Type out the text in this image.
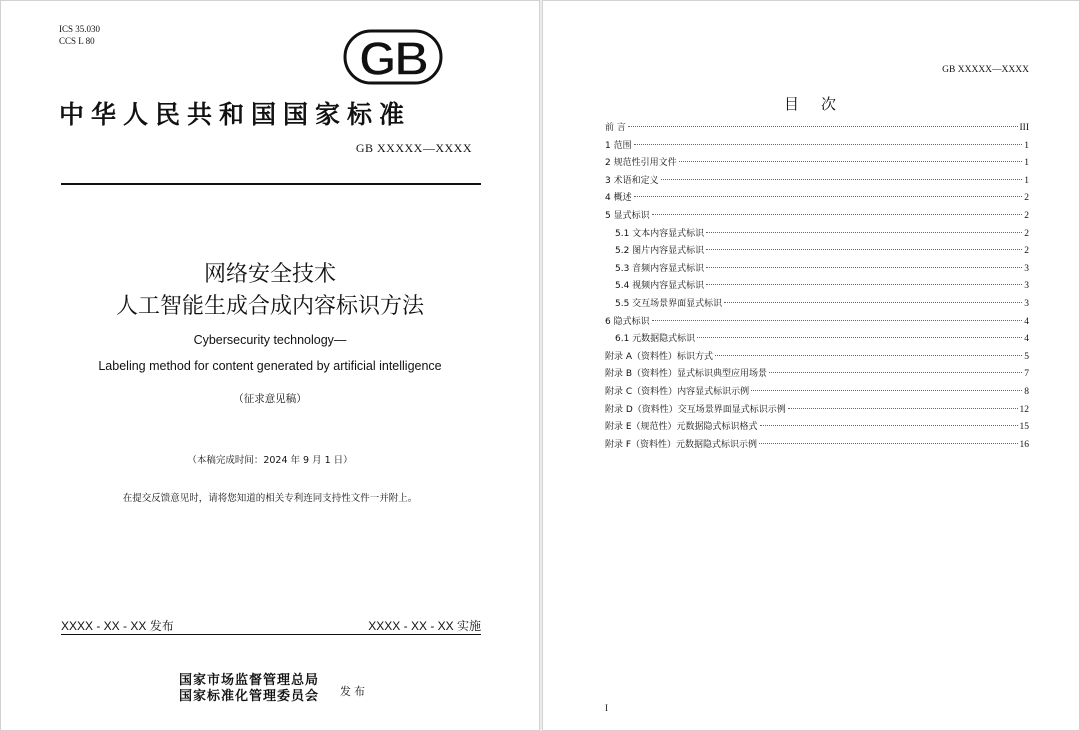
ICS 35.030
CCS L 80	GB
中华人民共和国国家标准
GB XXXXX—XXXX
网络安全技术
人工智能生成合成内容标识方法
Cybersecurity technology—
Labeling method for content generated by artificial intelligence
（征求意见稿）
（本稿完成时间：2024 年 9 月 1 日）
在提交反馈意见时，请将您知道的相关专利连同支持性文件一并附上。
XXXX - XX - XX 发布	XXXX - XX - XX 实施
国家市场监督管理总局
国家标准化管理委员会 发布
GB XXXXX—XXXX
目次
前 言	III
1 范围	1
2 规范性引用文件	1
3 术语和定义	1
4 概述	2
5 显式标识	2
5.1 文本内容显式标识	2
5.2 图片内容显式标识	2
5.3 音频内容显式标识	3
5.4 视频内容显式标识	3
5.5 交互场景界面显式标识	3
6 隐式标识	4
6.1 元数据隐式标识	4
附录 A（资料性）标识方式	5
附录 B（资料性）显式标识典型应用场景	7
附录 C（资料性）内容显式标识示例	8
附录 D（资料性）交互场景界面显式标识示例	12
附录 E（规范性）元数据隐式标识格式	15
附录 F（资料性）元数据隐式标识示例	16
I
